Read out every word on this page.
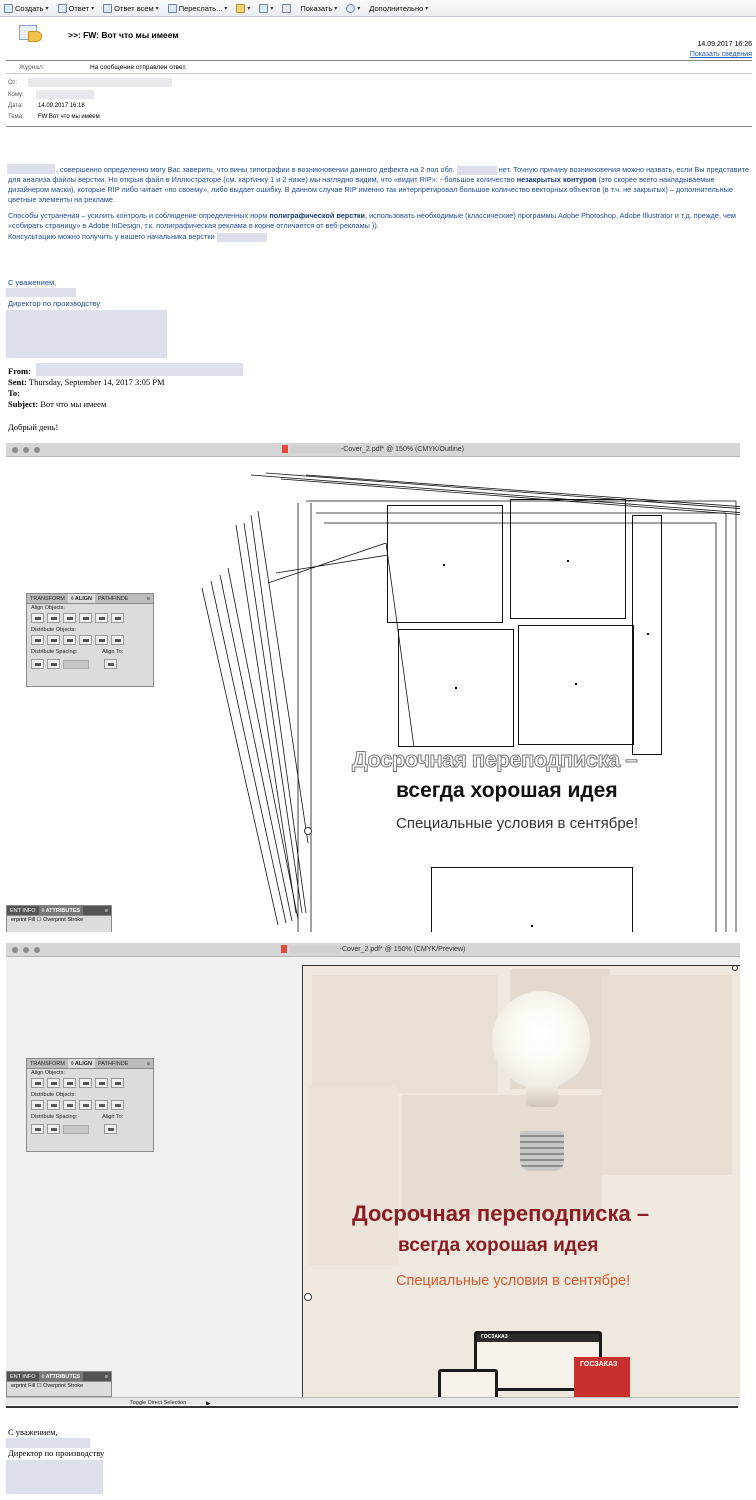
Создать ▾	Ответ ▾	Ответ всем ▾	Переслать... ▾	▾	▾	Показать ▾	▾ Дополнительно ▾
>>: FW: Вот что мы имеем
14.09.2017 16:26
Показать сведения
Журнал:	На сообщение отправлен ответ.
От:
Кому:
Дата:	14.09.2017 16:18
Тема: FW:Вот что мы имеем
, совершенно определенно могу Вас заверить, что вины типографии в возникновении данного дефекта на 2 пол обл.	нет. Точную причину возникновения можно назвать, если Вы представите для анализа файлы верстки. Но открыв файл в Иллюстраторе (см. картинку 1 и 2 ниже) мы наглядно видим, что «видит RIP»: - большое количество незакрытых контуров (это скорее всего накладываемые дизайнером маски), которые RIP либо читает «по своему», либо выдает ошибку. В данном случае RIP именно так интерпретировал большое количество векторных объектов (в т.ч. не закрытых) – дополнительные цветные элементы на рекламе.
Способы устранения – усилить контроль и соблюдение определенных норм полиграфической верстки, использовать необходимые (классические) программы Adobe Photoshop, Adobe Illustrator и т.д. прежде, чем «собирать страницу» в Adobe InDesign, т.к. полиграфическая реклама в корне отличается от веб-рекламы )).
Консультацию можно получить у нашего начальника верстки
С уважением,
Директор по производству
From:
Sent: Thursday, September 14, 2017 3:05 PM
To:
Subject: Вот что мы имеем
Добрый день!
-Cover_2.pdf* @ 150% (CMYK/Outline)
Досрочная переподписка –
всегда хорошая идея
Специальные условия в сентябре!
TRANSFORM	◊ ALIGN	PATHFINDE	≡
Align Objects:
Distribute Objects:
Distribute Spacing:	Align To:
ENT INFO	◊ ATTRIBUTES	≡
erprint Fill ☐ Overprint Stroke
-Cover_2.pdf* @ 150% (CMYK/Preview)
Досрочная переподписка –
всегда хорошая идея
Специальные условия в сентябре!
ГОСЗАКАЗ
ГОСЗАКАЗ
TRANSFORM	◊ ALIGN	PATHFINDE	≡
Align Objects:
Distribute Objects:
Distribute Spacing:	Align To:
ENT INFO	◊ ATTRIBUTES	≡
erprint Fill ☐ Overprint Stroke
Toggle Direct Selection	▶
С уважением,
Директор по производству
